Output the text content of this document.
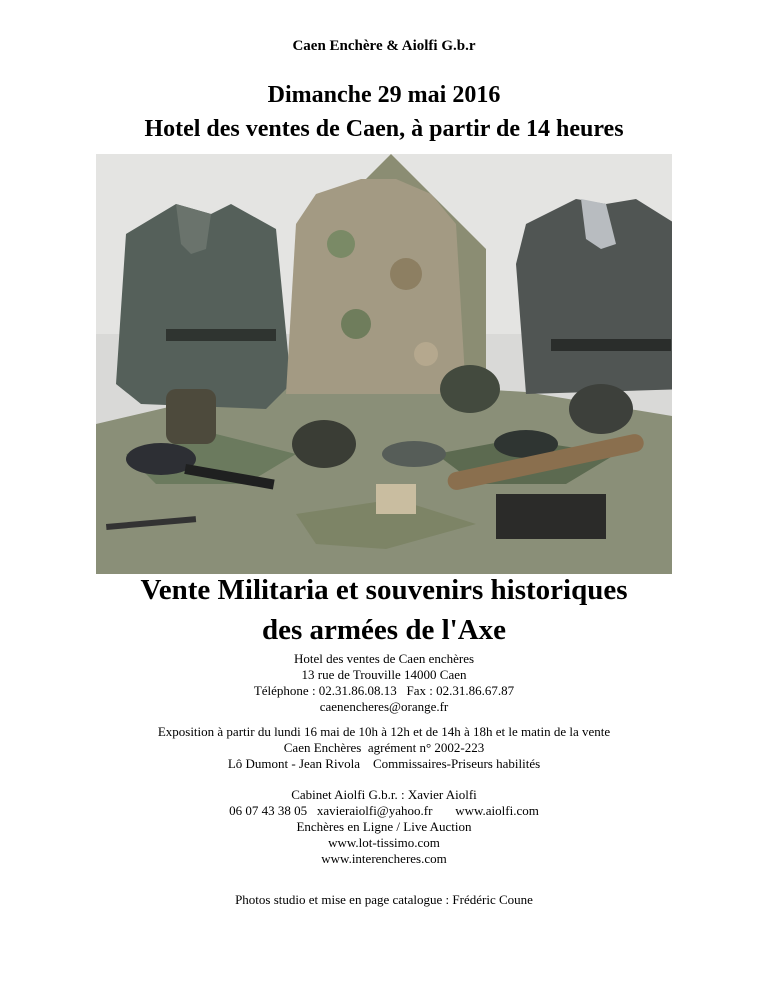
Caen Enchère & Aiolfi G.b.r
Dimanche 29 mai 2016
Hotel des ventes de Caen, à partir de 14 heures
Vente Militaria et souvenirs historiques
des armées de l'Axe
Hotel des ventes de Caen enchères
13 rue de Trouville 14000 Caen
Téléphone : 02.31.86.08.13   Fax : 02.31.86.67.87
caenencheres@orange.fr
Exposition à partir du lundi 16 mai de 10h à 12h et de 14h à 18h et le matin de la vente
Caen Enchères  agrément n° 2002-223
Lô Dumont - Jean Rivola    Commissaires-Priseurs habilités
Cabinet Aiolfi G.b.r. : Xavier Aiolfi
06 07 43 38 05   xavieraiolfi@yahoo.fr       www.aiolfi.com
Enchères en Ligne / Live Auction
www.lot-tissimo.com
www.interencheres.com
Photos studio et mise en page catalogue : Frédéric Coune
